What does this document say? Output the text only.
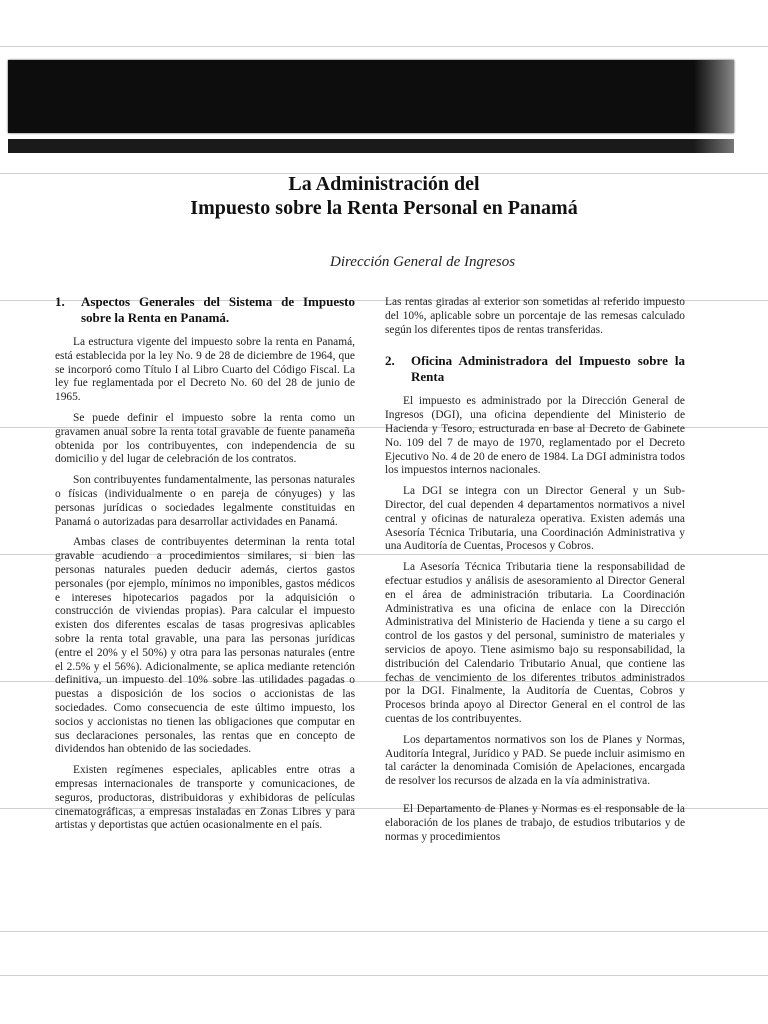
La Administración del
Impuesto sobre la Renta Personal en Panamá
Dirección General de Ingresos
1.	Aspectos Generales del Sistema de Impuesto sobre la Renta en Panamá.

La estructura vigente del impuesto sobre la renta en Panamá, está establecida por la ley No. 9 de 28 de diciembre de 1964, que se incorporó como Título I al Libro Cuarto del Código Fiscal. La ley fue reglamentada por el Decreto No. 60 del 28 de junio de 1965.

Se puede definir el impuesto sobre la renta como un gravamen anual sobre la renta total gravable de fuente panameña obtenida por los contribuyentes, con independencia de su domicilio y del lugar de celebración de los contratos.

Son contribuyentes fundamentalmente, las personas naturales o físicas (individualmente o en pareja de cónyuges) y las personas jurídicas o sociedades legalmente constituidas en Panamá o autorizadas para desarrollar actividades en Panamá.

Ambas clases de contribuyentes determinan la renta total gravable acudiendo a procedimientos similares, si bien las personas naturales pueden deducir además, ciertos gastos personales (por ejemplo, mínimos no imponibles, gastos médicos e intereses hipotecarios pagados por la adquisición o construcción de viviendas propias). Para calcular el impuesto existen dos diferentes escalas de tasas progresivas aplicables sobre la renta total gravable, una para las personas jurídicas (entre el 20% y el 50%) y otra para las personas naturales (entre el 2.5% y el 56%). Adicionalmente, se aplica mediante retención definitiva, un impuesto del 10% sobre las utilidades pagadas o puestas a disposición de los socios o accionistas de las sociedades. Como consecuencia de este último impuesto, los socios y accionistas no tienen las obligaciones que computar en sus declaraciones personales, las rentas que en concepto de dividendos han obtenido de las sociedades.

Existen regímenes especiales, aplicables entre otras a empresas internacionales de transporte y comunicaciones, de seguros, productoras, distribuidoras y exhibidoras de películas cinematográficas, a empresas instaladas en Zonas Libres y para artistas y deportistas que actúen ocasionalmente en el país.

Las rentas giradas al exterior son sometidas al referido impuesto del 10%, aplicable sobre un porcentaje de las remesas calculado según los diferentes tipos de rentas transferidas.

2.	Oficina Administradora del Impuesto sobre la Renta

El impuesto es administrado por la Dirección General de Ingresos (DGI), una oficina dependiente del Ministerio de Hacienda y Tesoro, estructurada en base al Decreto de Gabinete No. 109 del 7 de mayo de 1970, reglamentado por el Decreto Ejecutivo No. 4 de 20 de enero de 1984. La DGI administra todos los impuestos internos nacionales.

La DGI se integra con un Director General y un Sub-Director, del cual dependen 4 departamentos normativos a nivel central y oficinas de naturaleza operativa. Existen además una Asesoría Técnica Tributaria, una Coordinación Administrativa y una Auditoría de Cuentas, Procesos y Cobros.

La Asesoría Técnica Tributaria tiene la responsabilidad de efectuar estudios y análisis de asesoramiento al Director General en el área de administración tributaria. La Coordinación Administrativa es una oficina de enlace con la Dirección Administrativa del Ministerio de Hacienda y tiene a su cargo el control de los gastos y del personal, suministro de materiales y servicios de apoyo. Tiene asimismo bajo su responsabilidad, la distribución del Calendario Tributario Anual, que contiene las fechas de vencimiento de los diferentes tributos administrados por la DGI. Finalmente, la Auditoría de Cuentas, Cobros y Procesos brinda apoyo al Director General en el control de las cuentas de los contribuyentes.

Los departamentos normativos son los de Planes y Normas, Auditoría Integral, Jurídico y PAD. Se puede incluir asimismo en tal carácter la denominada Comisión de Apelaciones, encargada de resolver los recursos de alzada en la vía administrativa.

El Departamento de Planes y Normas es el responsable de la elaboración de los planes de trabajo, de estudios tributarios y de normas y procedimientos
